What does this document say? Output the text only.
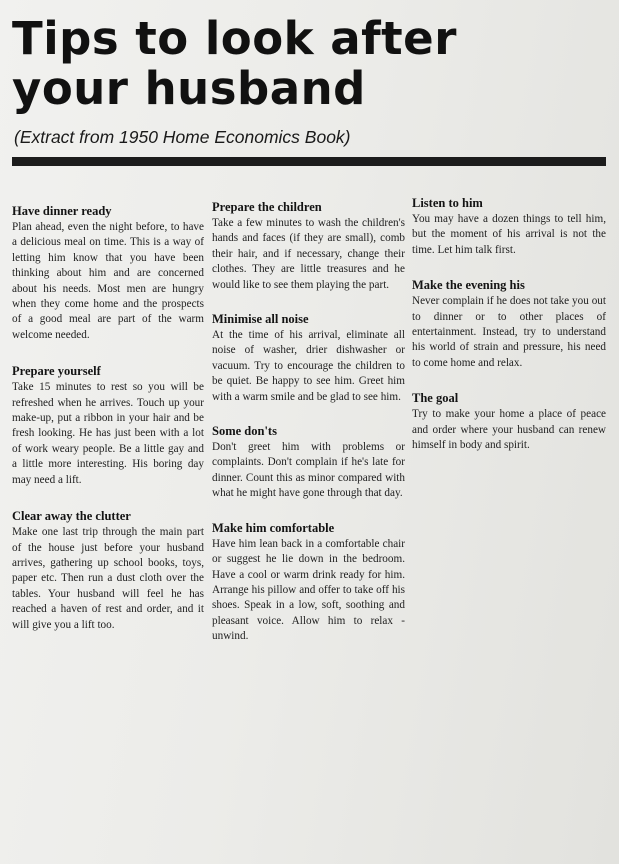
Tips to look after your husband
(Extract from 1950 Home Economics Book)
Have dinner ready

Plan ahead, even the night before, to have a delicious meal on time. This is a way of letting him know that you have been thinking about him and are concerned about his needs. Most men are hungry when they come home and the prospects of a good meal are part of the warm welcome needed.

Prepare yourself

Take 15 minutes to rest so you will be refreshed when he arrives. Touch up your make-up, put a ribbon in your hair and be fresh looking. He has just been with a lot of work weary people. Be a little gay and a little more interesting. His boring day may need a lift.

Clear away the clutter

Make one last trip through the main part of the house just before your husband arrives, gathering up school books, toys, paper etc. Then run a dust cloth over the tables. Your husband will feel he has reached a haven of rest and order, and it will give you a lift too.

Prepare the children

Take a few minutes to wash the children's hands and faces (if they are small), comb their hair, and if necessary, change their clothes. They are little treasures and he would like to see them playing the part.

Minimise all noise

At the time of his arrival, eliminate all noise of washer, drier dishwasher or vacuum. Try to encourage the children to be quiet. Be happy to see him. Greet him with a warm smile and be glad to see him.

Some don'ts

Don't greet him with problems or complaints. Don't complain if he's late for dinner. Count this as minor compared with what he might have gone through that day.

Make him comfortable

Have him lean back in a comfortable chair or suggest he lie down in the bedroom. Have a cool or warm drink ready for him. Arrange his pillow and offer to take off his shoes. Speak in a low, soft, soothing and pleasant voice. Allow him to relax - unwind.

Listen to him

You may have a dozen things to tell him, but the moment of his arrival is not the time. Let him talk first.

Make the evening his

Never complain if he does not take you out to dinner or to other places of entertainment. Instead, try to understand his world of strain and pressure, his need to come home and relax.

The goal

Try to make your home a place of peace and order where your husband can renew himself in body and spirit.
